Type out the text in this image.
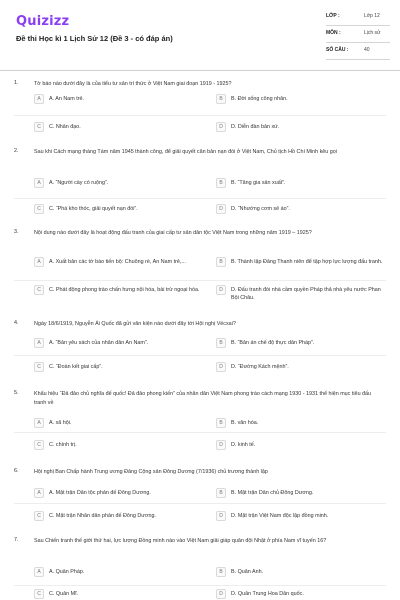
Quizizz
Đề thi Học kì 1 Lịch Sử 12 (Đề 3 - có đáp án)
LỚP :	Lớp 12
MÔN :	Lịch sử
SỐ CÂU :	40
1.	Tờ báo nào dưới đây là của tiểu tư sản trí thức ở Việt Nam giai đoạn 1919 - 1925?
A	A. An Nam trẻ.	B	B. Đời sống công nhân.
C	C. Nhân đạo.	D	D. Diễn đàn bản xứ.
2.	Sau khi Cách mạng tháng Tám năm 1945 thành công, để giải quyết căn bản nạn đói ở Việt Nam, Chủ tịch Hồ Chí Minh kêu gọi
A	A. “Người cày có ruộng”.	B	B. “Tăng gia sản xuất”.
C	C. “Phá kho thóc, giải quyết nạn đói”.	D	D. “Nhường cơm sẻ áo”.
3.	Nội dung nào dưới đây là hoạt động đấu tranh của giai cấp tư sản dân tộc Việt Nam trong những năm 1919 – 1925?
A	A. Xuất bản các tờ báo tiến bộ: Chuông rè, An Nam trẻ,...	B	B. Thành lập Đảng Thanh niên để tập hợp lực lượng đấu tranh.
C	C. Phát động phong trào chấn hưng nội hóa, bài trừ ngoại hóa.	D	D. Đấu tranh đòi nhà cầm quyền Pháp thả nhà yêu nước Phan Bội Châu.
4.	Ngày 18/6/1919, Nguyễn Ái Quốc đã gửi văn kiện nào dưới đây tới Hội nghị Vécxai?
A	A. “Bản yêu sách của nhân dân An Nam”.	B	B. “Bản án chế độ thực dân Pháp”.
C	C. “Đoàn kết giai cấp”.	D	D. “Đường Kách mệnh”.
5.	Khẩu hiệu “Đả đảo chủ nghĩa đế quốc! Đả đảo phong kiến” của nhân dân Việt Nam phong trào cách mạng 1930 - 1931 thể hiện mục tiêu đấu tranh về
A	A. xã hội.	B	B. văn hóa.
C	C. chính trị.	D	D. kinh tế.
6.	Hội nghị Ban Chấp hành Trung ương Đảng Cộng sản Đông Dương (7/1936) chủ trương thành lập
A	A. Mặt trận Dân tộc phản đế Đông Dương.	B	B. Mặt trận Dân chủ Đông Dương.
C	C. Mặt trận Nhân dân phản đế Đông Dương.	D	D. Mặt trận Việt Nam độc lập đồng minh.
7.	Sau Chiến tranh thế giới thứ hai, lực lượng Đồng minh nào vào Việt Nam giải giáp quân đội Nhật ở phía Nam vĩ tuyến 16?
A	A. Quân Pháp.	B	B. Quân Anh.
C	C. Quân Mĩ.	D	D. Quân Trung Hoa Dân quốc.
